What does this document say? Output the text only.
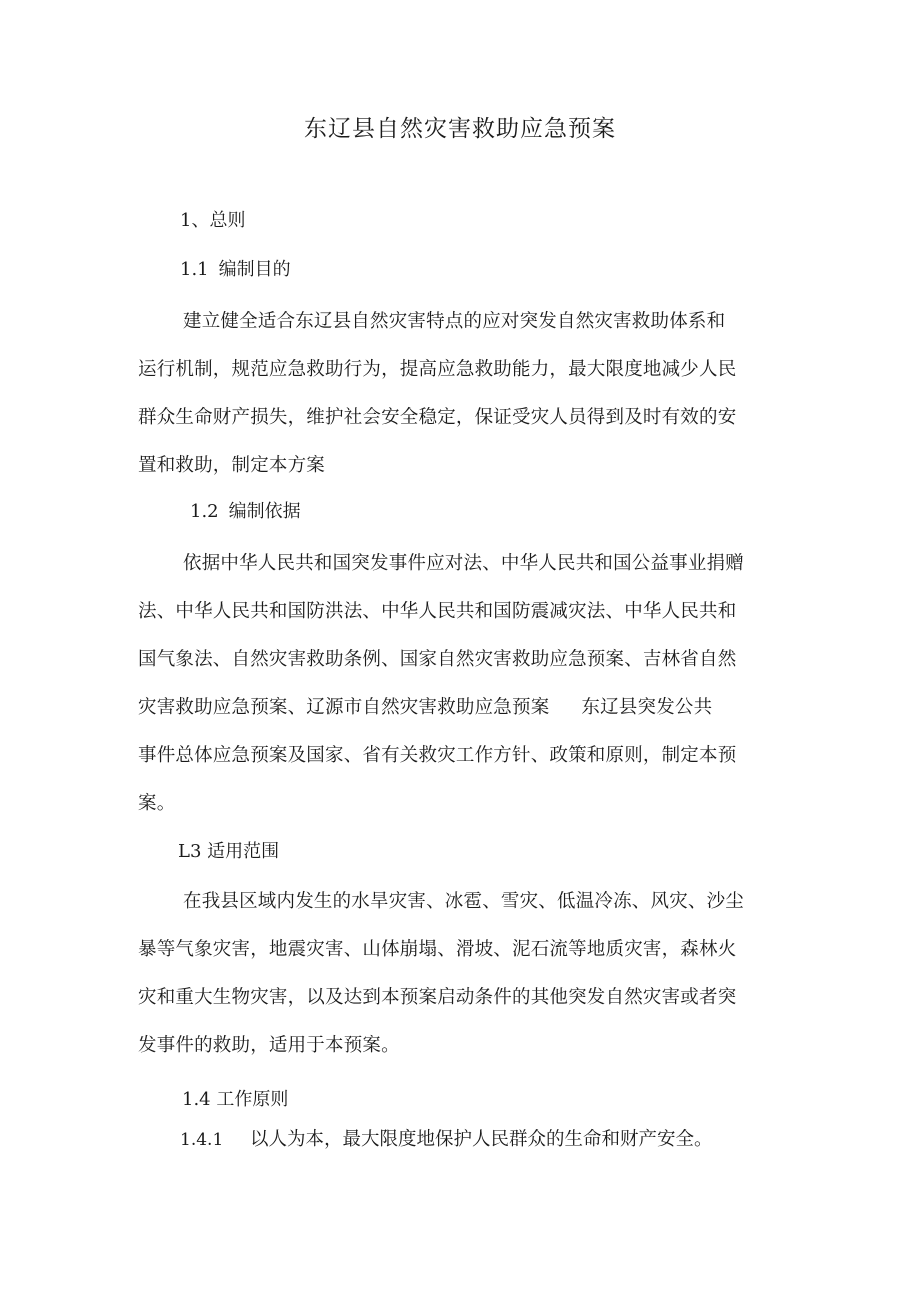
东辽县自然灾害救助应急预案

1、总则

1.1 编制目的

建立健全适合东辽县自然灾害特点的应对突发自然灾害救助体系和
运行机制，规范应急救助行为，提高应急救助能力，最大限度地减少人民
群众生命财产损失，维护社会安全稳定，保证受灾人员得到及时有效的安
置和救助，制定本方案

1.2 编制依据

依据中华人民共和国突发事件应对法、中华人民共和国公益事业捐赠
法、中华人民共和国防洪法、中华人民共和国防震减灾法、中华人民共和
国气象法、自然灾害救助条例、国家自然灾害救助应急预案、吉林省自然
灾害救助应急预案、辽源市自然灾害救助应急预案 东辽县突发公共
事件总体应急预案及国家、省有关救灾工作方针、政策和原则，制定本预
案。

L3 适用范围

在我县区域内发生的水旱灾害、冰雹、雪灾、低温冷冻、风灾、沙尘
暴等气象灾害，地震灾害、山体崩塌、滑坡、泥石流等地质灾害，森林火
灾和重大生物灾害，以及达到本预案启动条件的其他突发自然灾害或者突
发事件的救助，适用于本预案。

1.4 工作原则

1.4.1 以人为本，最大限度地保护人民群众的生命和财产安全。
